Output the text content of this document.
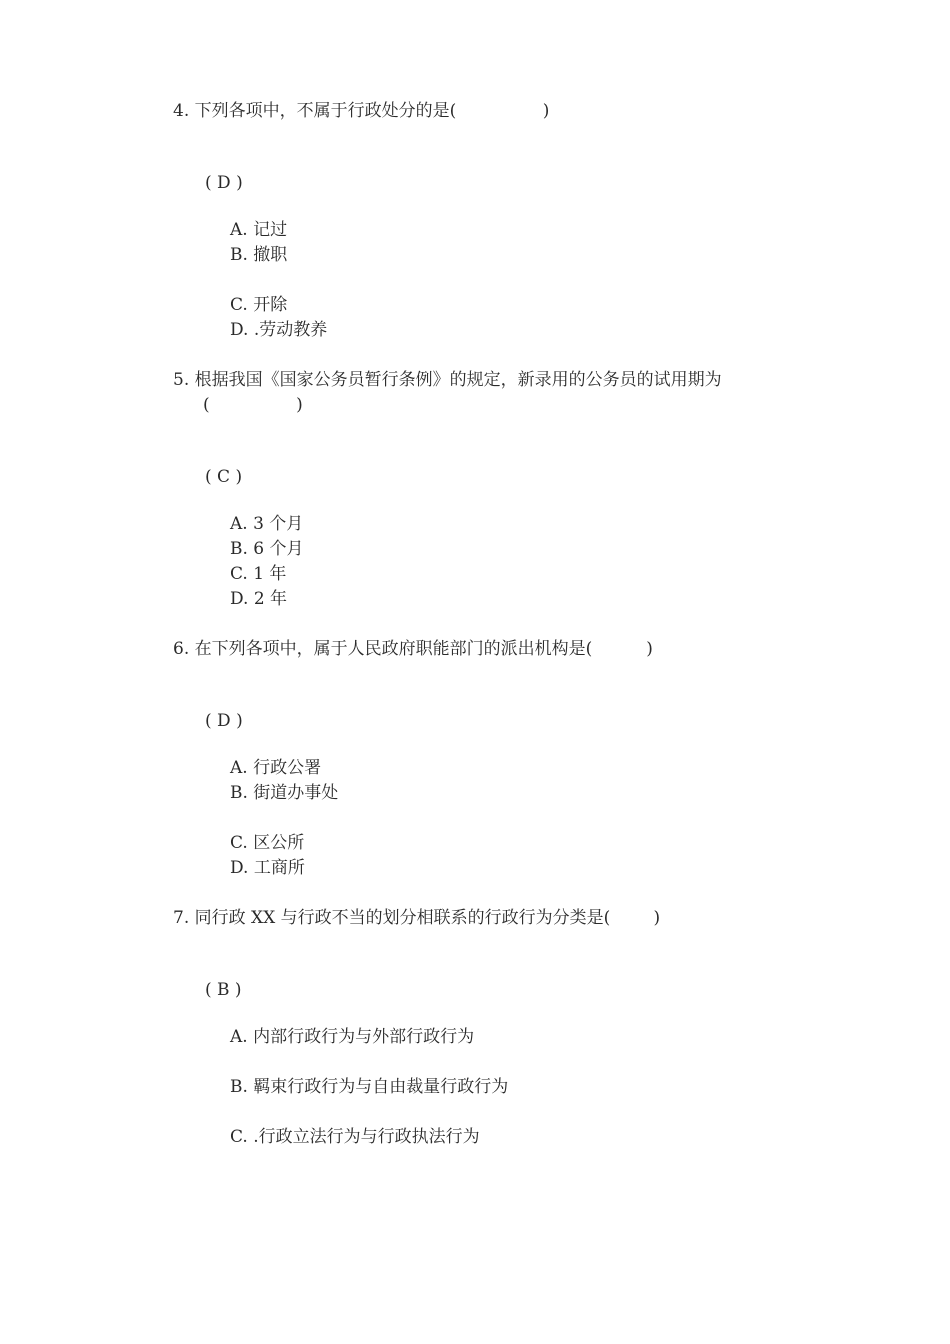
4. 下列各项中，不属于行政处分的是(                )
( D )
A. 记过
B. 撤职
C. 开除
D. .劳动教养
5. 根据我国《国家公务员暂行条例》的规定，新录用的公务员的试用期为
(                )
( C )
A. 3 个月
B. 6 个月
C. 1 年
D. 2 年
6. 在下列各项中，属于人民政府职能部门的派出机构是(          )
( D )
A. 行政公署
B. 街道办事处
C. 区公所
D. 工商所
7. 同行政 XX 与行政不当的划分相联系的行政行为分类是(        )
( B )
A. 内部行政行为与外部行政行为
B. 羁束行政行为与自由裁量行政行为
C. .行政立法行为与行政执法行为
